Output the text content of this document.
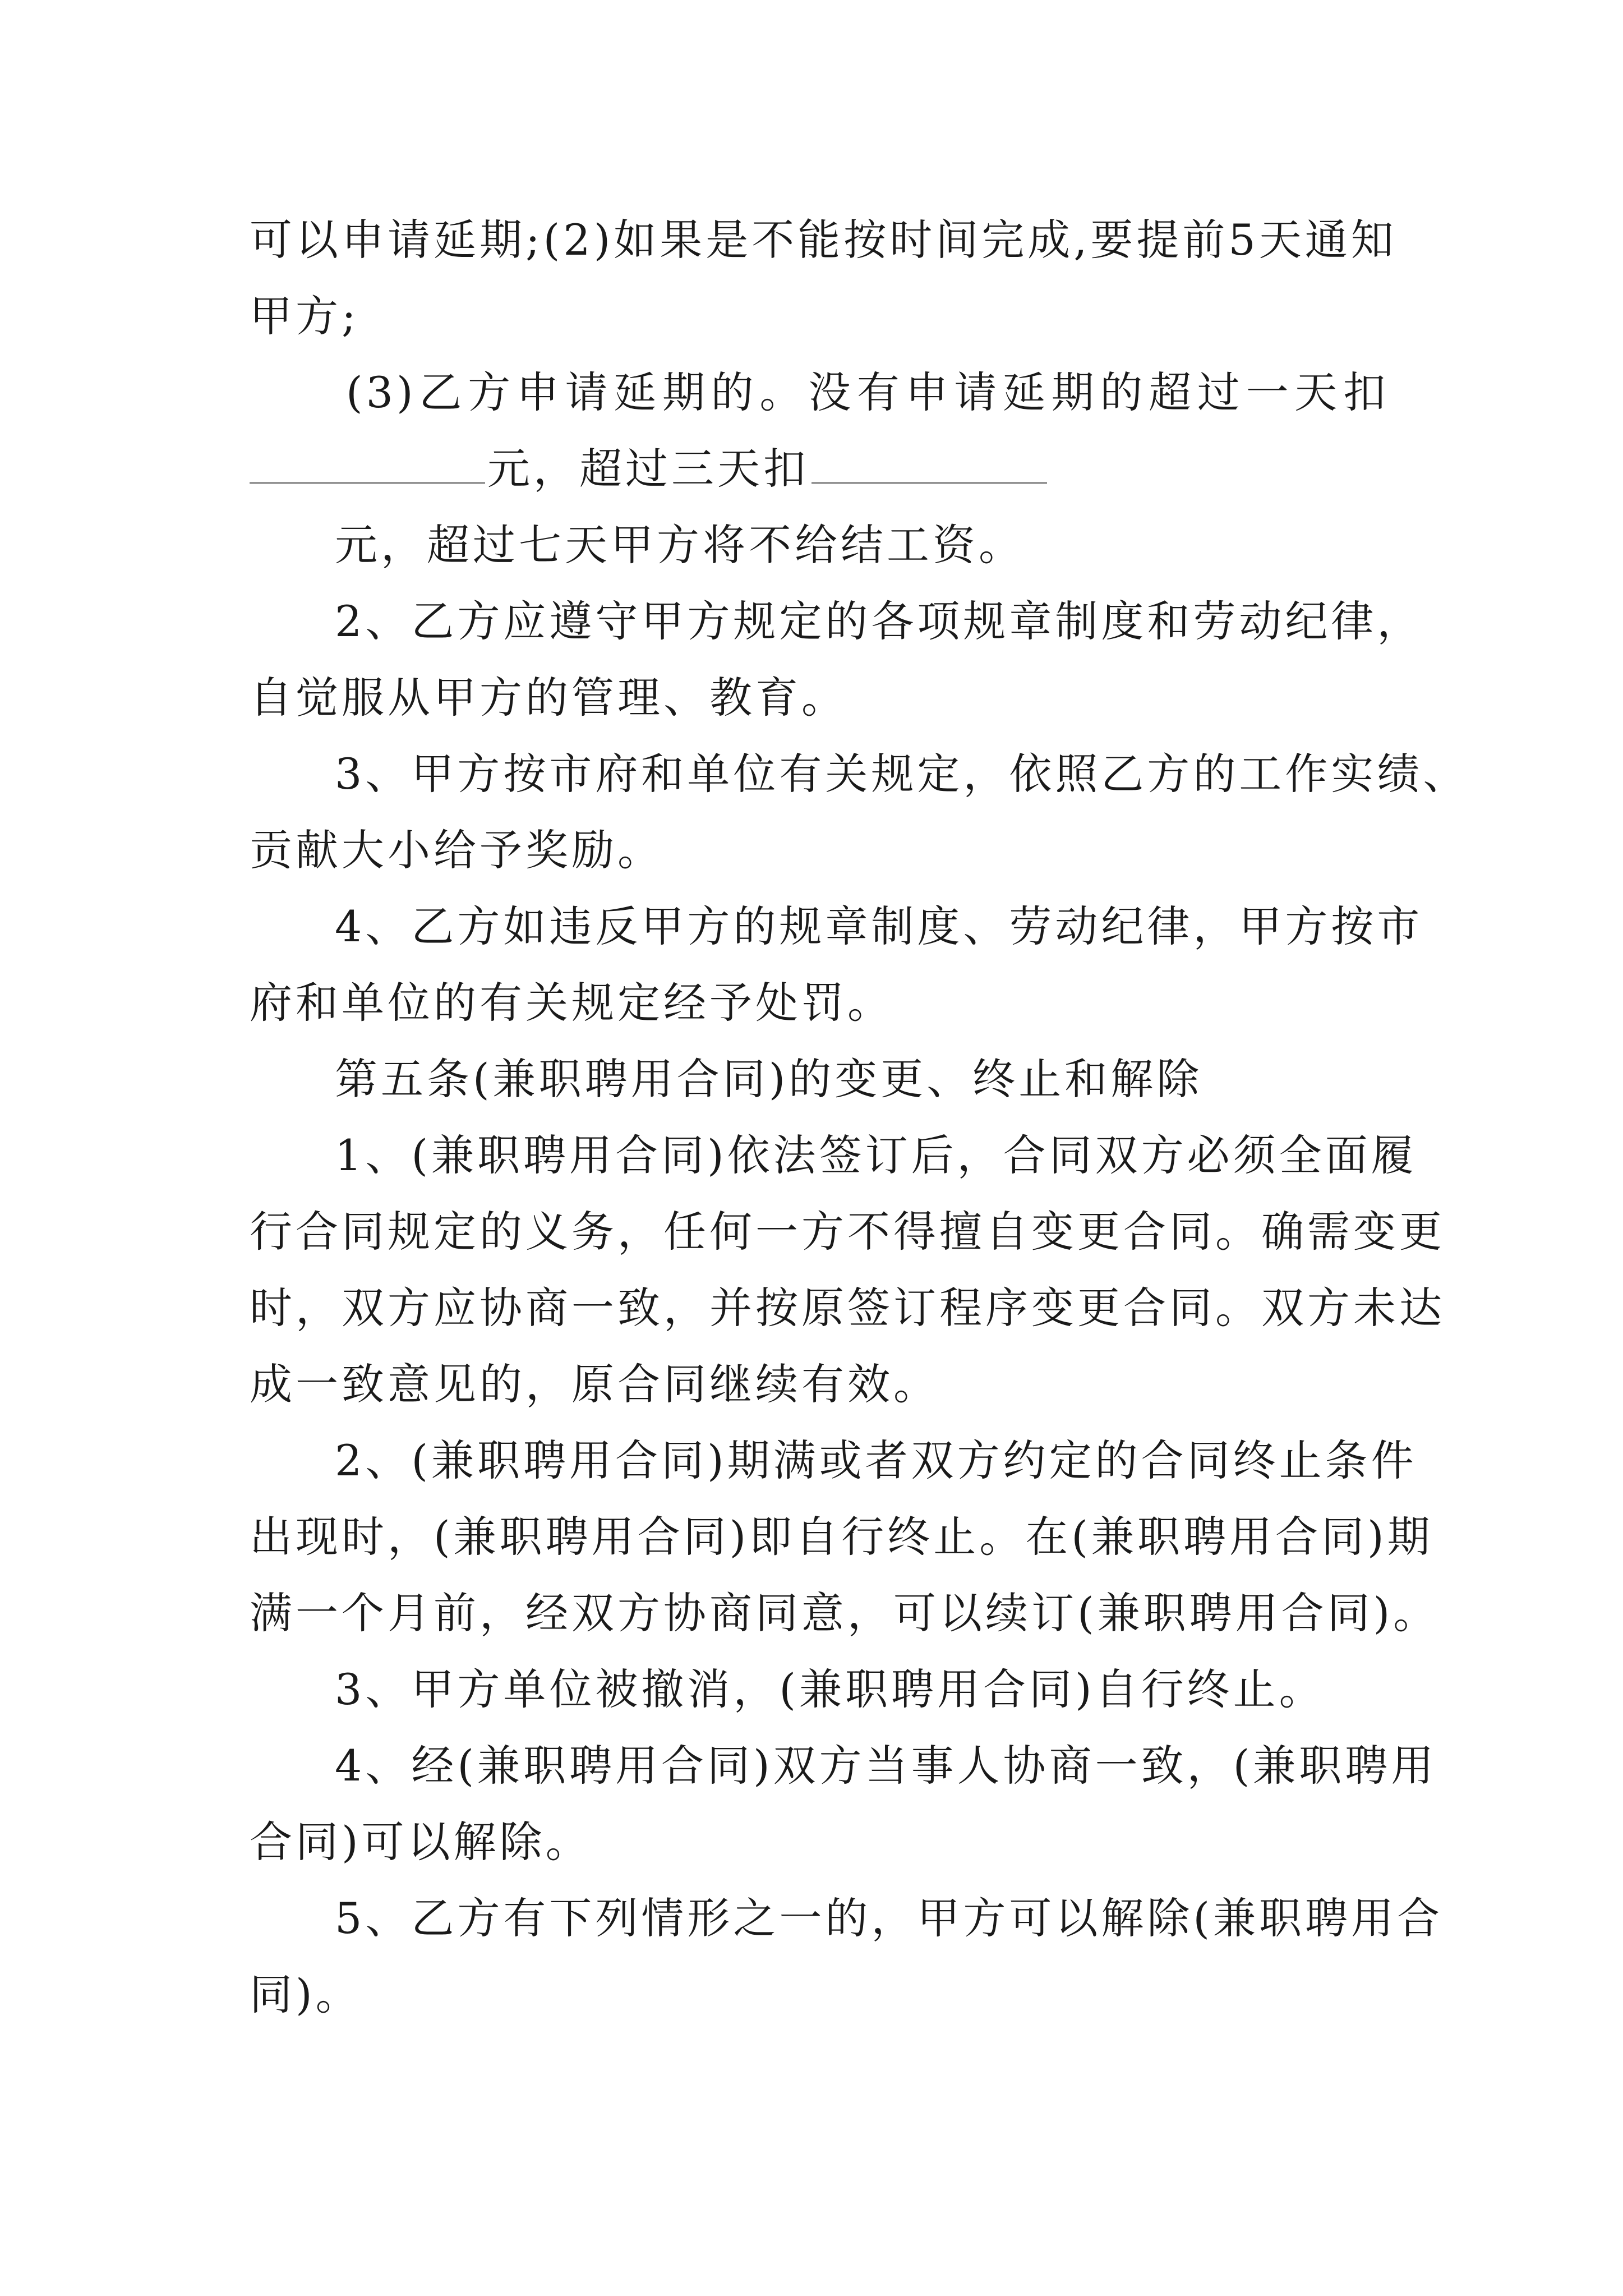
可以申请延期;(2)如果是不能按时间完成,要提前5天通知
甲方;
(3)乙方申请延期的。没有申请延期的超过一天扣
元，超过三天扣
元，超过七天甲方将不给结工资。
2、乙方应遵守甲方规定的各项规章制度和劳动纪律，
自觉服从甲方的管理、教育。
3、甲方按市府和单位有关规定，依照乙方的工作实绩、
贡献大小给予奖励。
4、乙方如违反甲方的规章制度、劳动纪律，甲方按市
府和单位的有关规定经予处罚。
第五条(兼职聘用合同)的变更、终止和解除
1、(兼职聘用合同)依法签订后，合同双方必须全面履
行合同规定的义务，任何一方不得擅自变更合同。确需变更
时，双方应协商一致，并按原签订程序变更合同。双方未达
成一致意见的，原合同继续有效。
2、(兼职聘用合同)期满或者双方约定的合同终止条件
出现时，(兼职聘用合同)即自行终止。在(兼职聘用合同)期
满一个月前，经双方协商同意，可以续订(兼职聘用合同)。
3、甲方单位被撤消，(兼职聘用合同)自行终止。
4、经(兼职聘用合同)双方当事人协商一致，(兼职聘用
合同)可以解除。
5、乙方有下列情形之一的，甲方可以解除(兼职聘用合
同)。
